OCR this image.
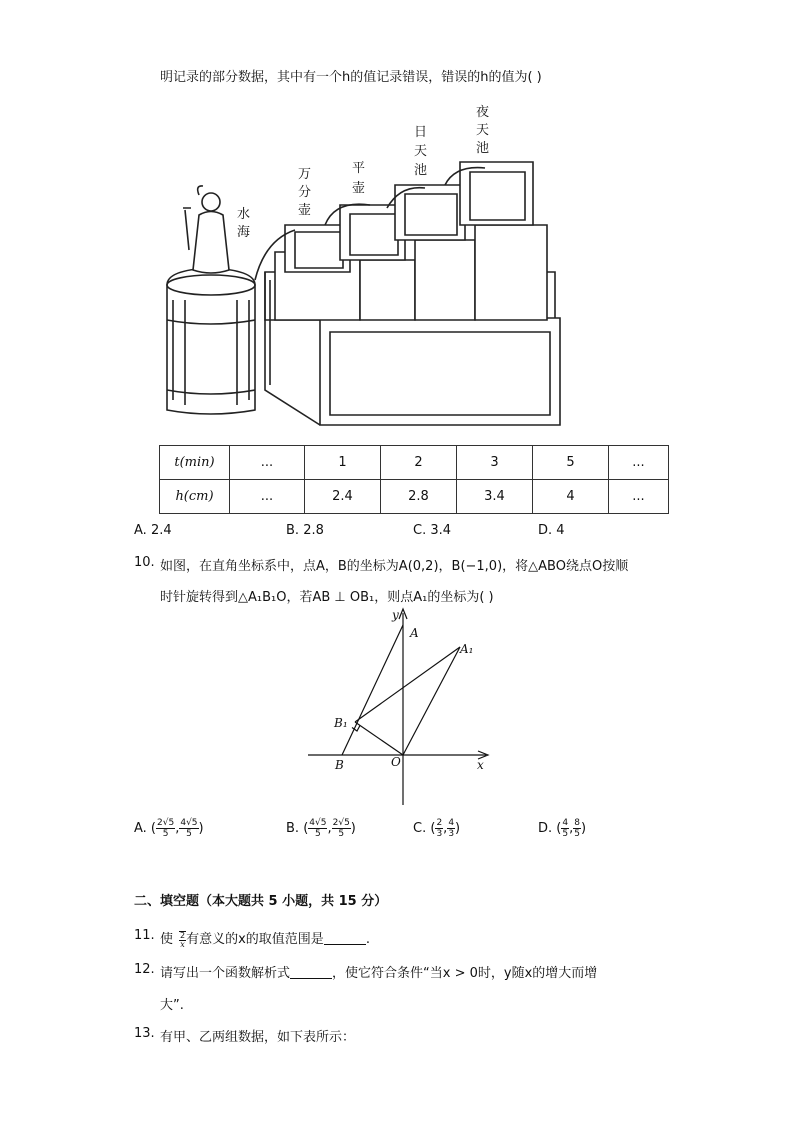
明记录的部分数据，其中有一个h的值记录错误，错误的h的值为( )
水
海
万
分
壶
平
壶
日
天
池
夜
天
池
t(min)	...	1	2	3	5	...
h(cm)	...	2.4	2.8	3.4	4	...
A. 2.4	B. 2.8	C. 3.4	D. 4
10. 如图，在直角坐标系中，点A，B的坐标为A(0,2)，B(−1,0)，将△ABO绕点O按顺
时针旋转得到△A₁B₁O，若AB ⊥ OB₁，则点A₁的坐标为( )
y
A
A₁
B₁
B	O	x
A. ( $\frac{2√5}{5}$ , $\frac{4√5}{5}$ )	B. ( $\frac{4√5}{5}$ , $\frac{2√5}{5}$ )	C. ( $\frac{2}{3}$ , $\frac{4}{3}$ )	D. ( $\frac{4}{5}$ , $\frac{8}{5}$ )
二、填空题（本大题共 5 小题，共 15 分）
11. 使 $\frac{2}{x}$ 有意义的x的取值范围是	.
12. 请写出一个函数解析式	，使它符合条件“当x > 0时，y随x的增大而增
大”.
13. 有甲、乙两组数据，如下表所示：
